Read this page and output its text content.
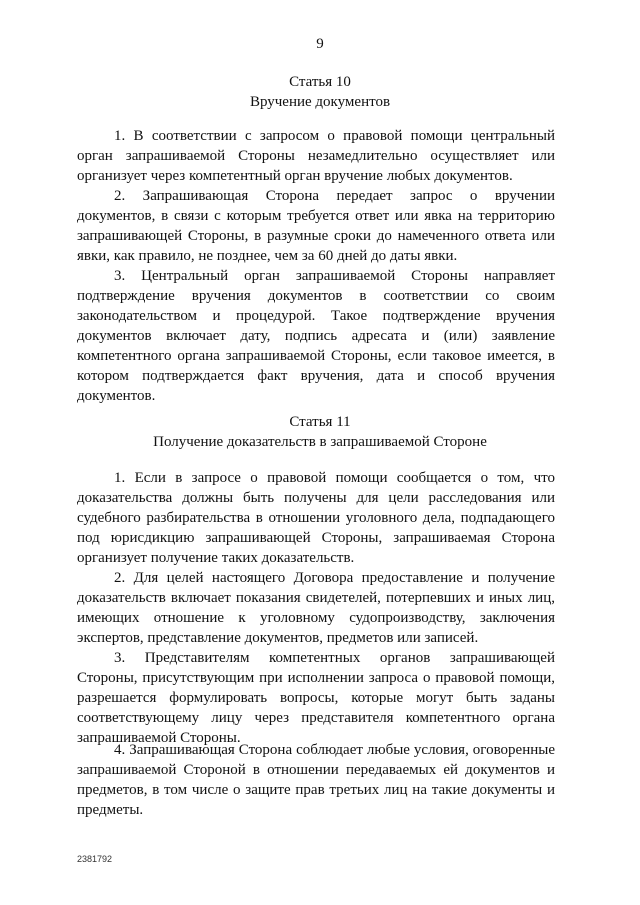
9
Статья 10
Вручение документов

1. В соответствии с запросом о правовой помощи центральный орган запрашиваемой Стороны незамедлительно осуществляет или организует через компетентный орган вручение любых документов.

2. Запрашивающая Сторона передает запрос о вручении документов, в связи с которым требуется ответ или явка на территорию запрашивающей Стороны, в разумные сроки до намеченного ответа или явки, как правило, не позднее, чем за 60 дней до даты явки.

3. Центральный орган запрашиваемой Стороны направляет подтверждение вручения документов в соответствии со своим законодательством и процедурой. Такое подтверждение вручения документов включает дату, подпись адресата и (или) заявление компетентного органа запрашиваемой Стороны, если таковое имеется, в котором подтверждается факт вручения, дата и способ вручения документов.

Статья 11
Получение доказательств в запрашиваемой Стороне

1. Если в запросе о правовой помощи сообщается о том, что доказательства должны быть получены для цели расследования или судебного разбирательства в отношении уголовного дела, подпадающего под юрисдикцию запрашивающей Стороны, запрашиваемая Сторона организует получение таких доказательств.

2. Для целей настоящего Договора предоставление и получение доказательств включает показания свидетелей, потерпевших и иных лиц, имеющих отношение к уголовному судопроизводству, заключения экспертов, представление документов, предметов или записей.

3. Представителям компетентных органов запрашивающей Стороны, присутствующим при исполнении запроса о правовой помощи, разрешается формулировать вопросы, которые могут быть заданы соответствующему лицу через представителя компетентного органа запрашиваемой Стороны.

4. Запрашивающая Сторона соблюдает любые условия, оговоренные запрашиваемой Стороной в отношении передаваемых ей документов и предметов, в том числе о защите прав третьих лиц на такие документы и предметы.

2381792
